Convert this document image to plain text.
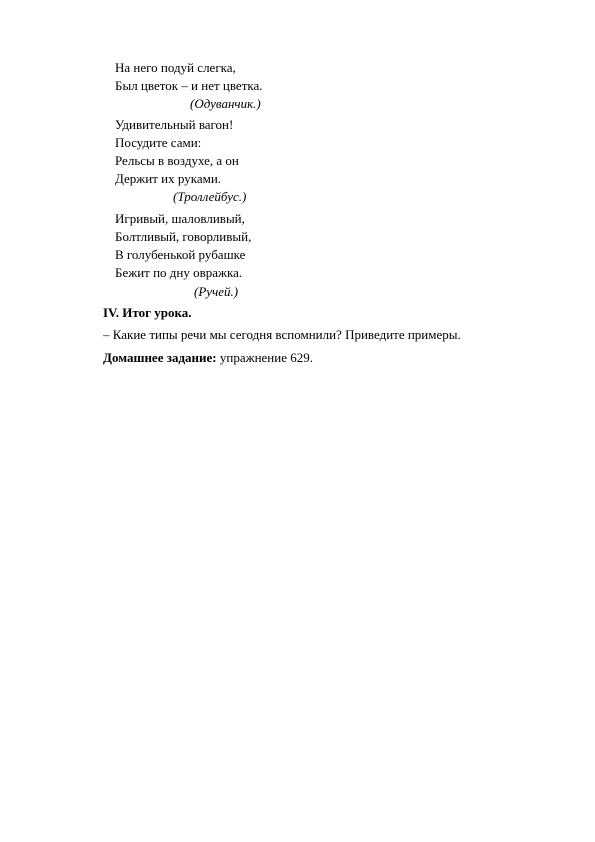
На него подуй слегка,
Был цветок – и нет цветка.
(Одуванчик.)
Удивительный вагон!
Посудите сами:
Рельсы в воздухе, а он
Держит их руками.
(Троллейбус.)
Игривый, шаловливый,
Болтливый, говорливый,
В голубенькой рубашке
Бежит по дну овражка.
(Ручей.)
IV. Итог урока.
– Какие типы речи мы сегодня вспомнили? Приведите примеры.
Домашнее задание: упражнение 629.
